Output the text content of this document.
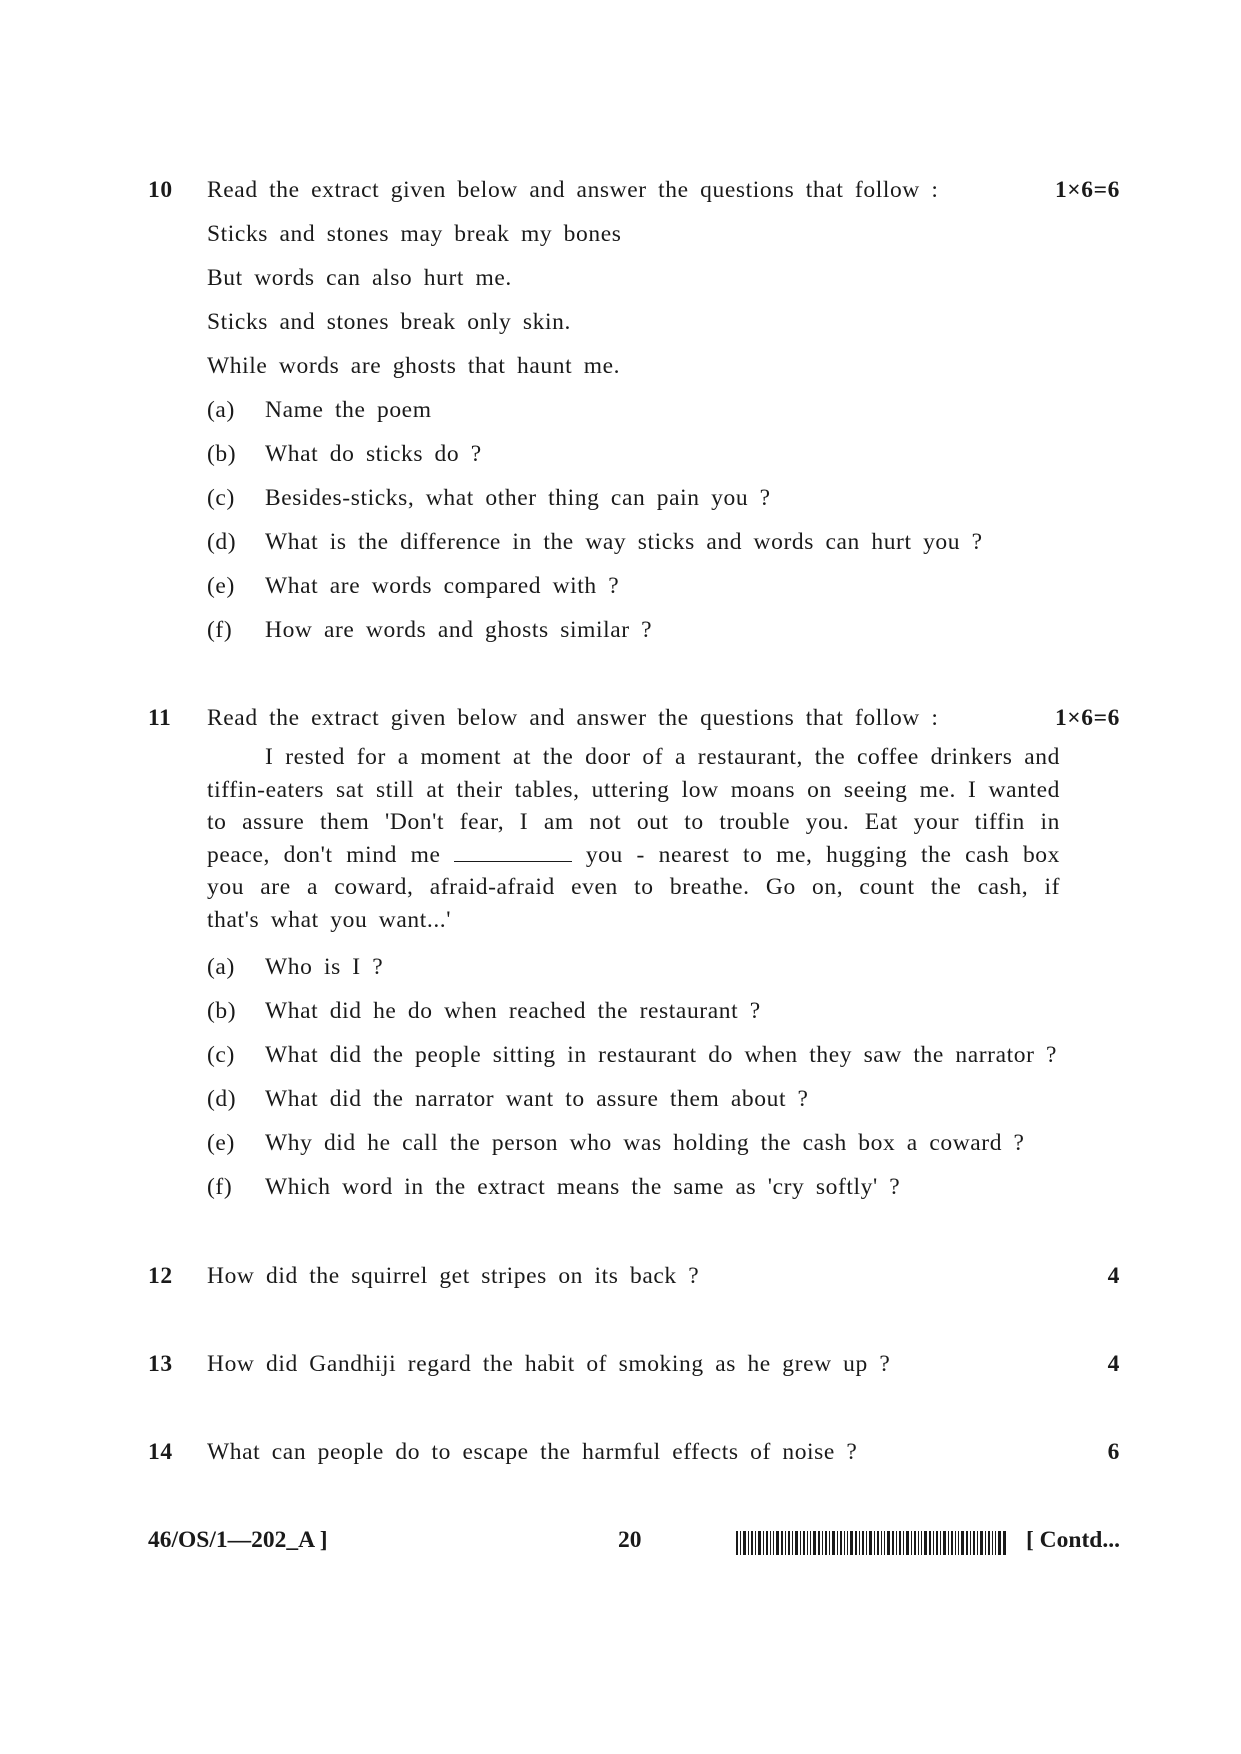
10 Read the extract given below and answer the questions that follow :	1×6=6
Sticks and stones may break my bones
But words can also hurt me.
Sticks and stones break only skin.
While words are ghosts that haunt me.
(a) Name the poem
(b) What do sticks do ?
(c) Besides-sticks, what other thing can pain you ?
(d) What is the difference in the way sticks and words can hurt you ?
(e) What are words compared with ?
(f) How are words and ghosts similar ?
11 Read the extract given below and answer the questions that follow :	1×6=6
I rested for a moment at the door of a restaurant, the coffee drinkers and tiffin-eaters sat still at their tables, uttering low moans on seeing me. I wanted to assure them 'Don't fear, I am not out to trouble you. Eat your tiffin in peace, don't mind me	you - nearest to me, hugging the cash box you are a coward, afraid-afraid even to breathe. Go on, count the cash, if that's what you want...'
(a) Who is I ?
(b) What did he do when reached the restaurant ?
(c) What did the people sitting in restaurant do when they saw the narrator ?
(d) What did the narrator want to assure them about ?
(e) Why did he call the person who was holding the cash box a coward ?
(f) Which word in the extract means the same as 'cry softly' ?
12 How did the squirrel get stripes on its back ?	4
13 How did Gandhiji regard the habit of smoking as he grew up ?	4
14 What can people do to escape the harmful effects of noise ?	6
46/OS/1—202_A ]	20	[ Contd...
